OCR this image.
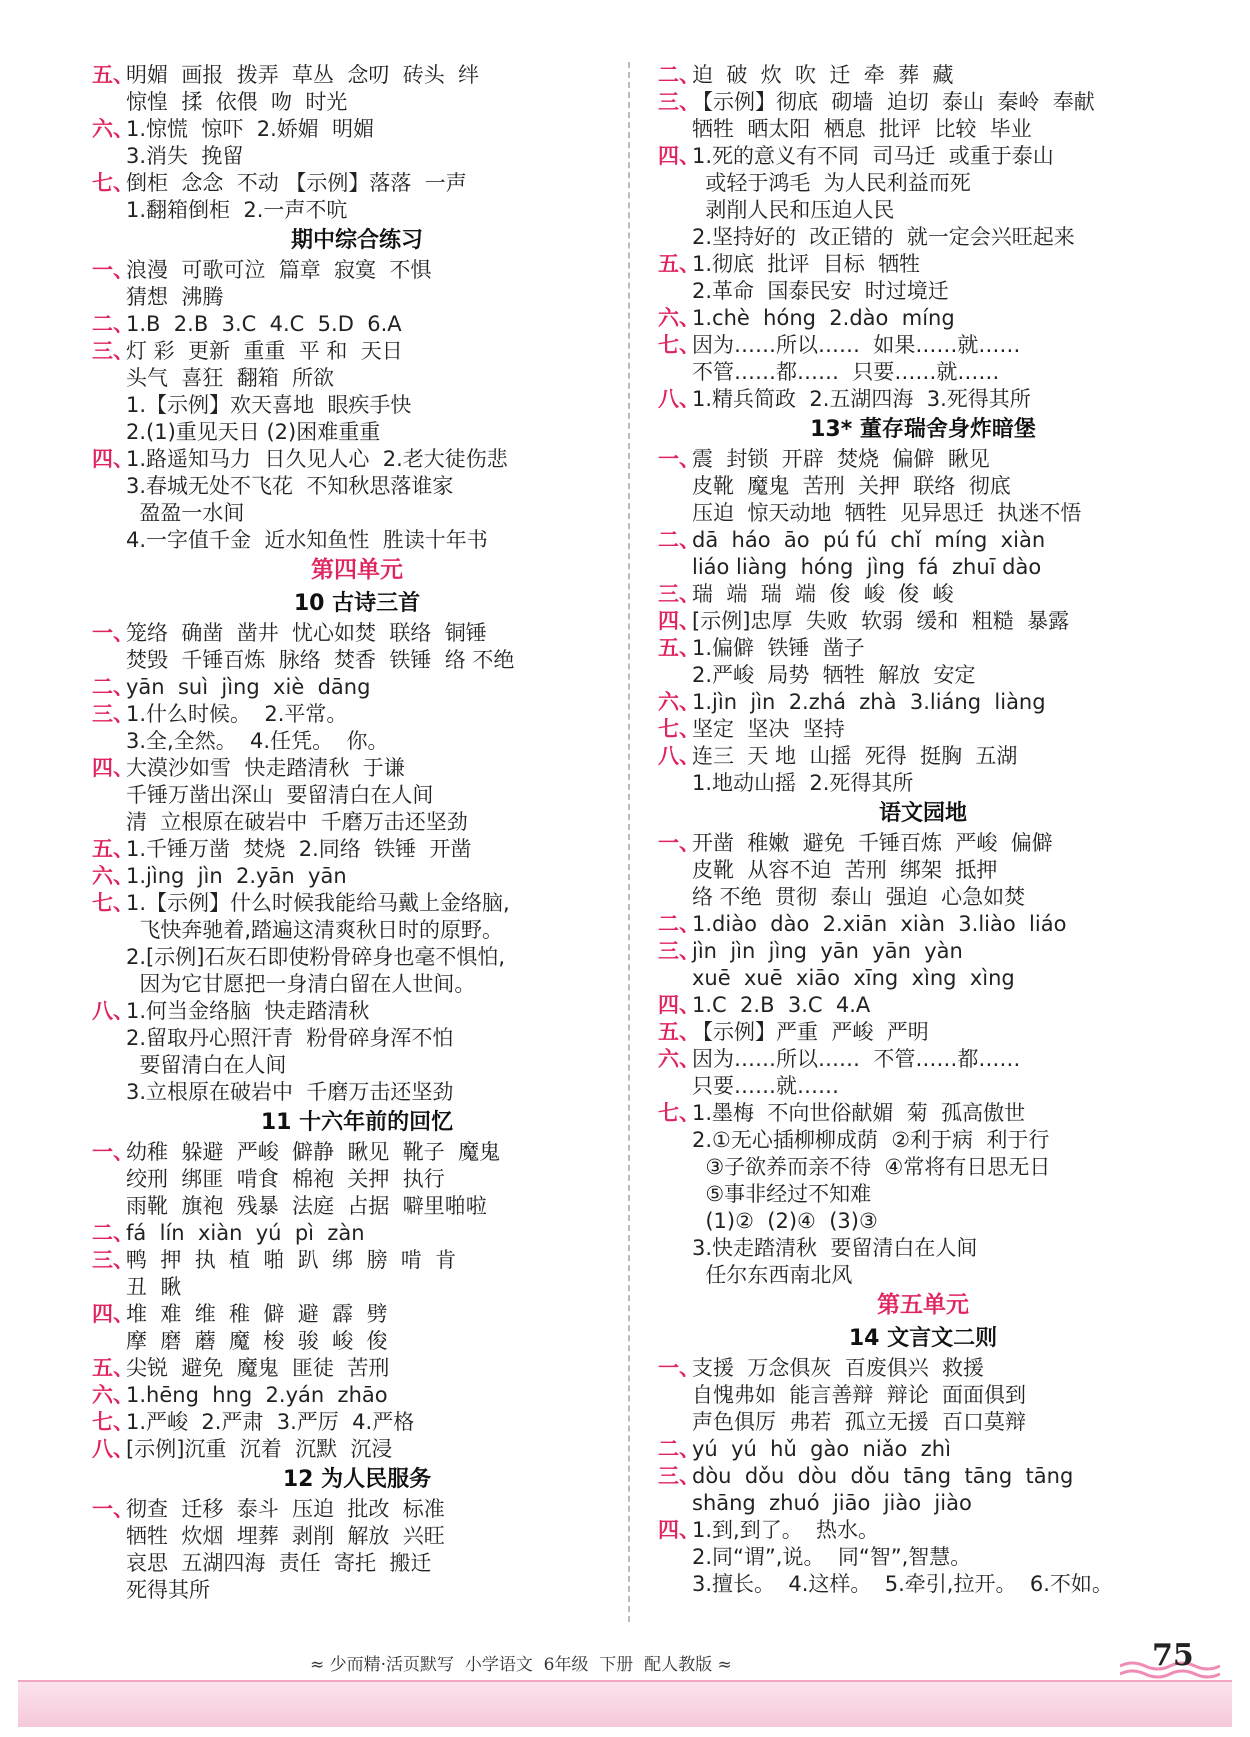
五、
明媚  画报  拨弄  草丛  念叨  砖头  绊
惊惶  揉  依偎  吻  时光
六、
1.惊慌  惊吓  2.娇媚  明媚
3.消失  挽留
七、
倒柜  念念  不动 【示例】落落  一声
1.翻箱倒柜  2.一声不吭
期中综合练习
一、
浪漫  可歌可泣  篇章  寂寞  不惧
猜想  沸腾
二、
1.B  2.B  3.C  4.C  5.D  6.A
三、
灯 彩  更新  重重  平 和  天日
头气  喜狂  翻箱  所欲
1.【示例】欢天喜地  眼疾手快
2.(1)重见天日 (2)困难重重
四、
1.路遥知马力  日久见人心  2.老大徒伤悲
3.春城无处不飞花  不知秋思落谁家
盈盈一水间
4.一字值千金  近水知鱼性  胜读十年书
第四单元
10 古诗三首
一、
笼络  确凿  凿井  忧心如焚  联络  铜锤
焚毁  千锤百炼  脉络  焚香  铁锤  络 不绝
二、
yān  suì  jìng  xiè  dāng
三、
1.什么时候。  2.平常。
3.全,全然。  4.任凭。  你。
四、
大漠沙如雪  快走踏清秋  于谦
千锤万凿出深山  要留清白在人间
清  立根原在破岩中  千磨万击还坚劲
五、
1.千锤万凿  焚烧  2.同络  铁锤  开凿
六、
1.jìng  jìn  2.yān  yān
七、
1.【示例】什么时候我能给马戴上金络脑,
飞快奔驰着,踏遍这清爽秋日时的原野。
2.[示例]石灰石即使粉骨碎身也毫不惧怕,
因为它甘愿把一身清白留在人世间。
八、
1.何当金络脑  快走踏清秋
2.留取丹心照汗青  粉骨碎身浑不怕
要留清白在人间
3.立根原在破岩中  千磨万击还坚劲
11 十六年前的回忆
一、
幼稚  躲避  严峻  僻静  瞅见  靴子  魔鬼
绞刑  绑匪  啃食  棉袍  关押  执行
雨靴  旗袍  残暴  法庭  占据  噼里啪啦
二、
fá  lín  xiàn  yú  pì  zàn
三、
鸭  押  执  植  啪  趴  绑  膀  啃  肯
丑  瞅
四、
堆  难  维  稚  僻  避  霹  劈
摩  磨  蘑  魔  梭  骏  峻  俊
五、
尖锐  避免  魔鬼  匪徒  苦刑
六、
1.hēng  hng  2.yán  zhāo
七、
1.严峻  2.严肃  3.严厉  4.严格
八、
[示例]沉重  沉着  沉默  沉浸
12 为人民服务
一、
彻查  迁移  泰斗  压迫  批改  标准
牺牲  炊烟  埋葬  剥削  解放  兴旺
哀思  五湖四海  责任  寄托  搬迁
死得其所
二、
迫  破  炊  吹  迁  牵  葬  藏
三、
【示例】彻底  砌墙  迫切  泰山  秦岭  奉献
牺牲  晒太阳  栖息  批评  比较  毕业
四、
1.死的意义有不同  司马迁  或重于泰山
或轻于鸿毛  为人民利益而死
剥削人民和压迫人民
2.坚持好的  改正错的  就一定会兴旺起来
五、
1.彻底  批评  目标  牺牲
2.革命  国泰民安  时过境迁
六、
1.chè  hóng  2.dào  míng
七、
因为……所以……  如果……就……
不管……都……  只要……就……
八、
1.精兵简政  2.五湖四海  3.死得其所
13* 董存瑞舍身炸暗堡
一、
震  封锁  开辟  焚烧  偏僻  瞅见
皮靴  魔鬼  苦刑  关押  联络  彻底
压迫  惊天动地  牺牲  见异思迁  执迷不悟
二、
dā  háo  āo  pú fú  chǐ  míng  xiàn
liáo liàng  hóng  jìng  fá  zhuī dào
三、
瑞  端  瑞  端  俊  峻  俊  峻
四、
[示例]忠厚  失败  软弱  缓和  粗糙  暴露
五、
1.偏僻  铁锤  凿子
2.严峻  局势  牺牲  解放  安定
六、
1.jìn  jìn  2.zhá  zhà  3.liáng  liàng
七、
坚定  坚决  坚持
八、
连三  天 地  山摇  死得  挺胸  五湖
1.地动山摇  2.死得其所
语文园地
一、
开凿  稚嫩  避免  千锤百炼  严峻  偏僻
皮靴  从容不迫  苦刑  绑架  抵押
络 不绝  贯彻  泰山  强迫  心急如焚
二、
1.diào  dào  2.xiān  xiàn  3.liào  liáo
三、
jìn  jìn  jìng  yān  yān  yàn
xuē  xuē  xiāo  xīng  xìng  xìng
四、
1.C  2.B  3.C  4.A
五、
【示例】严重  严峻  严明
六、
因为……所以……  不管……都……
只要……就……
七、
1.墨梅  不向世俗献媚  菊  孤高傲世
2.①无心插柳柳成荫  ②利于病  利于行
③子欲养而亲不待  ④常将有日思无日
⑤事非经过不知难
(1)②  (2)④  (3)③
3.快走踏清秋  要留清白在人间
任尔东西南北风
第五单元
14 文言文二则
一、
支援  万念俱灰  百废俱兴  救援
自愧弗如  能言善辩  辩论  面面俱到
声色俱厉  弗若  孤立无援  百口莫辩
二、
yú  yú  hǔ  gào  niǎo  zhì
三、
dòu  dǒu  dòu  dǒu  tāng  tāng  tāng
shāng  zhuó  jiāo  jiào  jiào
四、
1.到,到了。  热水。
2.同“谓”,说。  同“智”,智慧。
3.擅长。  4.这样。  5.牵引,拉开。  6.不如。
≈ 少而精·活页默写  小学语文  6年级  下册  配人教版 ≈	75
